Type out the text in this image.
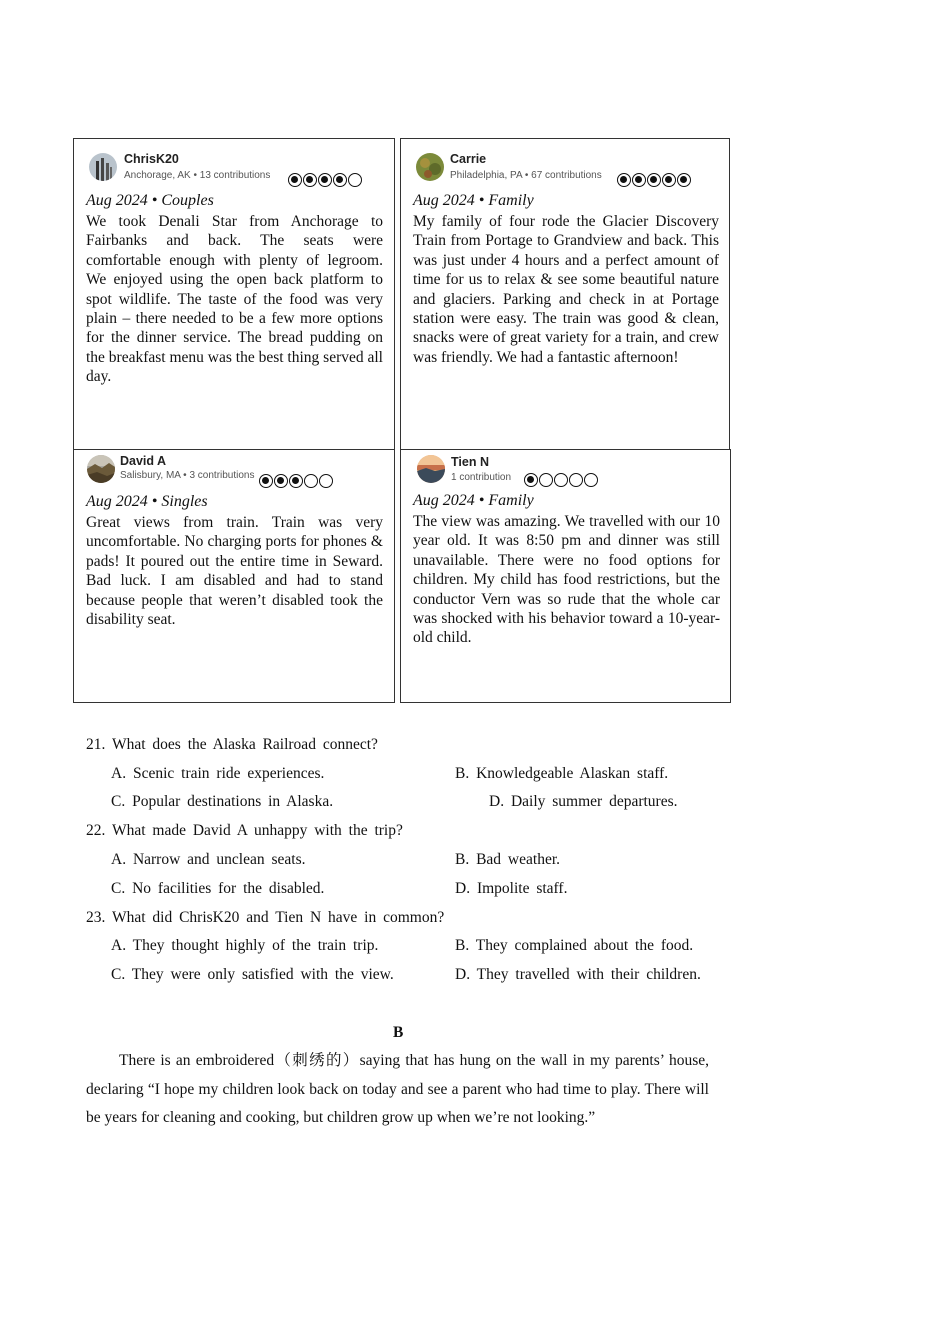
ChrisK20
Anchorage, AK • 13 contributions
Aug 2024 • Couples
We took Denali Star from Anchorage to Fairbanks and back. The seats were comfortable enough with plenty of legroom. We enjoyed using the open back platform to spot wildlife. The taste of the food was very plain – there needed to be a few more options for the dinner service. The bread pudding on the breakfast menu was the best thing served all day.
Carrie
Philadelphia, PA • 67 contributions
Aug 2024 • Family
My family of four rode the Glacier Discovery Train from Portage to Grandview and back. This was just under 4 hours and a perfect amount of time for us to relax & see some beautiful nature and glaciers. Parking and check in at Portage station were easy. The train was good & clean, snacks were of great variety for a train, and crew was friendly. We had a fantastic afternoon!
David A
Salisbury, MA • 3 contributions
Aug 2024 • Singles
Great views from train. Train was very uncomfortable. No charging ports for phones & pads! It poured out the entire time in Seward. Bad luck. I am disabled and had to stand because people that weren’t disabled took the disability seat.
Tien N
1 contribution
Aug 2024 • Family
The view was amazing. We travelled with our 10 year old. It was 8:50 pm and dinner was still unavailable. There were no food options for children. My child has food restrictions, but the conductor Vern was so rude that the whole car was shocked with his behavior toward a 10-year-old child.
21. What does the Alaska Railroad connect?
A. Scenic train ride experiences.	B. Knowledgeable Alaskan staff.
C. Popular destinations in Alaska.	D. Daily summer departures.
22. What made David A unhappy with the trip?
A. Narrow and unclean seats.	B. Bad weather.
C. No facilities for the disabled.	D. Impolite staff.
23. What did ChrisK20 and Tien N have in common?
A. They thought highly of the train trip.	B. They complained about the food.
C. They were only satisfied with the view.	D. They travelled with their children.
B
There is an embroidered（刺绣的）saying that has hung on the wall in my parents’ house, declaring “I hope my children look back on today and see a parent who had time to play. There will be years for cleaning and cooking, but children grow up when we’re not looking.”
